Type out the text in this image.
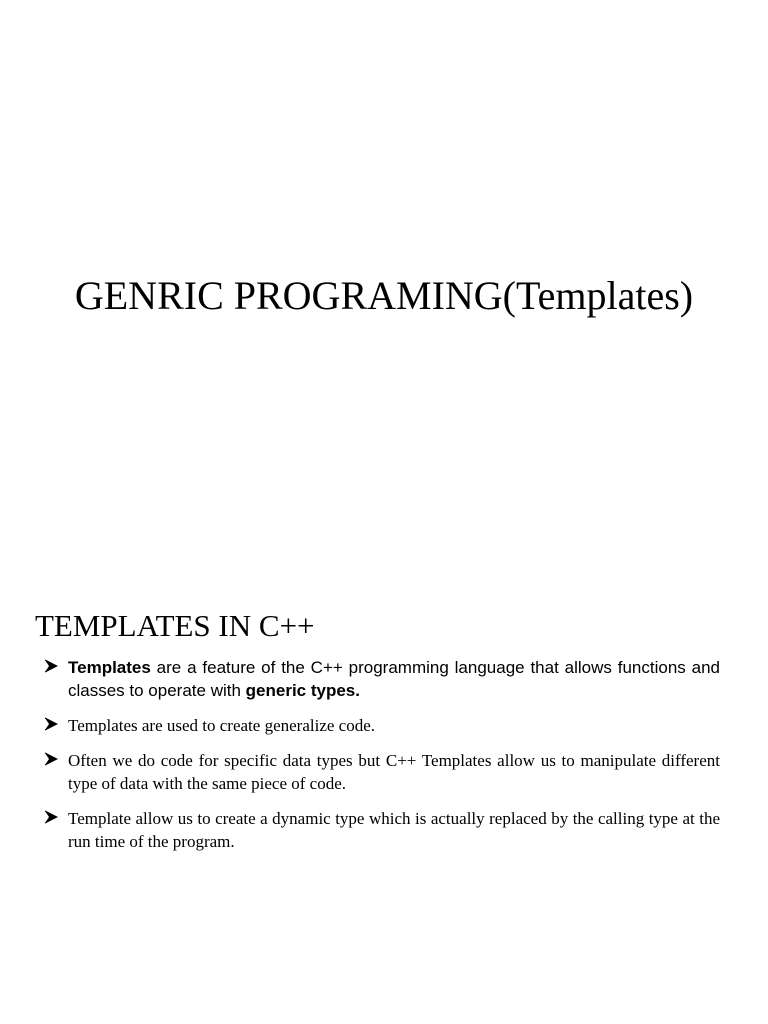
GENRIC PROGRAMING(Templates)
TEMPLATES IN C++
Templates are a feature of the C++ programming language that allows functions and classes to operate with generic types.
Templates are used to create generalize code.
Often we do code for specific data types but C++ Templates allow us to manipulate different type of data with the same piece of code.
Template allow us to create a dynamic type which is actually replaced by the calling type at the run time of the program.
